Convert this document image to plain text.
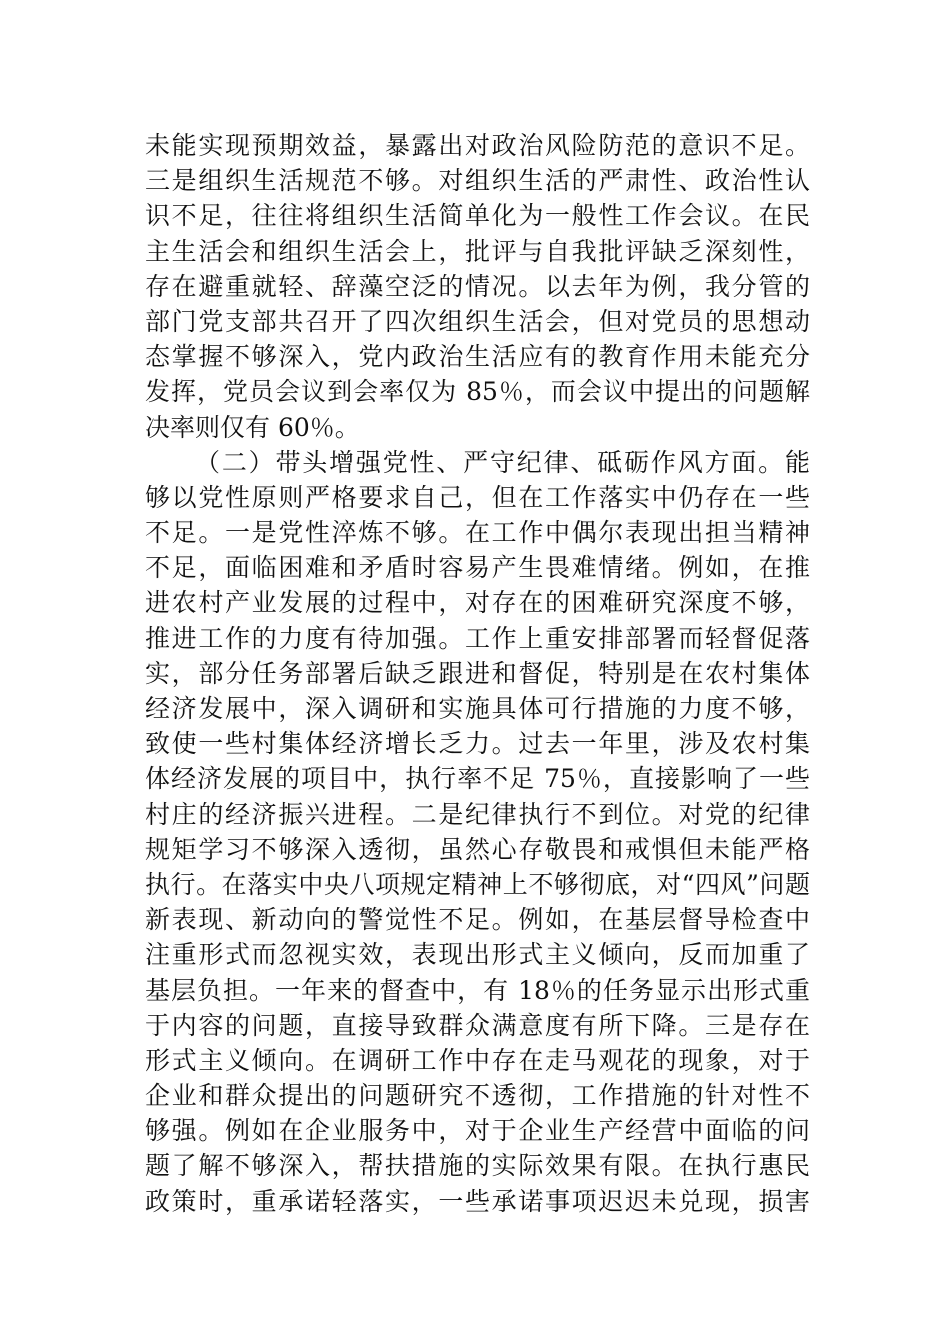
未能实现预期效益，暴露出对政治风险防范的意识不足。
三是组织生活规范不够。对组织生活的严肃性、政治性认
识不足，往往将组织生活简单化为一般性工作会议。在民
主生活会和组织生活会上，批评与自我批评缺乏深刻性，
存在避重就轻、辞藻空泛的情况。以去年为例，我分管的
部门党支部共召开了四次组织生活会，但对党员的思想动
态掌握不够深入，党内政治生活应有的教育作用未能充分
发挥，党员会议到会率仅为 85％，而会议中提出的问题解
决率则仅有 60％。
（二）带头增强党性、严守纪律、砥砺作风方面。能
够以党性原则严格要求自己，但在工作落实中仍存在一些
不足。一是党性淬炼不够。在工作中偶尔表现出担当精神
不足，面临困难和矛盾时容易产生畏难情绪。例如，在推
进农村产业发展的过程中，对存在的困难研究深度不够，
推进工作的力度有待加强。工作上重安排部署而轻督促落
实，部分任务部署后缺乏跟进和督促，特别是在农村集体
经济发展中，深入调研和实施具体可行措施的力度不够，
致使一些村集体经济增长乏力。过去一年里，涉及农村集
体经济发展的项目中，执行率不足 75％，直接影响了一些
村庄的经济振兴进程。二是纪律执行不到位。对党的纪律
规矩学习不够深入透彻，虽然心存敬畏和戒惧但未能严格
执行。在落实中央八项规定精神上不够彻底，对“四风”问题
新表现、新动向的警觉性不足。例如，在基层督导检查中
注重形式而忽视实效，表现出形式主义倾向，反而加重了
基层负担。一年来的督查中，有 18％的任务显示出形式重
于内容的问题，直接导致群众满意度有所下降。三是存在
形式主义倾向。在调研工作中存在走马观花的现象，对于
企业和群众提出的问题研究不透彻，工作措施的针对性不
够强。例如在企业服务中，对于企业生产经营中面临的问
题了解不够深入，帮扶措施的实际效果有限。在执行惠民
政策时，重承诺轻落实，一些承诺事项迟迟未兑现，损害
